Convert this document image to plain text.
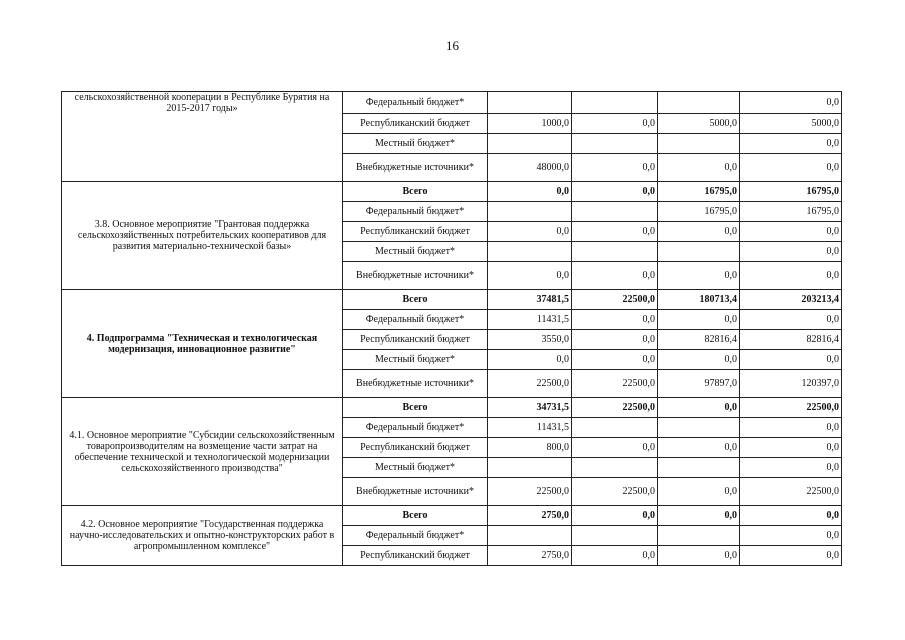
16
сельскохозяйственной кооперации в Республике Бурятия на 2015-2017 годы»	Федеральный бюджет*				0,0
	Республиканский бюджет	1000,0	0,0	5000,0	5000,0
	Местный бюджет*				0,0
	Внебюджетные источники*	48000,0	0,0	0,0	0,0
3.8. Основное мероприятие "Грантовая поддержка сельскохозяйственных потребительских кооперативов для развития материально-технической базы»	Всего	0,0	0,0	16795,0	16795,0
	Федеральный бюджет*			16795,0	16795,0
	Республиканский бюджет	0,0	0,0	0,0	0,0
	Местный бюджет*				0,0
	Внебюджетные источники*	0,0	0,0	0,0	0,0
4. Подпрограмма "Техническая и технологическая модернизация, инновационное развитие"	Всего	37481,5	22500,0	180713,4	203213,4
	Федеральный бюджет*	11431,5	0,0	0,0	0,0
	Республиканский бюджет	3550,0	0,0	82816,4	82816,4
	Местный бюджет*	0,0	0,0	0,0	0,0
	Внебюджетные источники*	22500,0	22500,0	97897,0	120397,0
4.1. Основное мероприятие "Субсидии сельскохозяйственным товаропроизводителям на возмещение части затрат на обеспечение технической и технологической модернизации сельскохозяйственного производства"	Всего	34731,5	22500,0	0,0	22500,0
	Федеральный бюджет*	11431,5			0,0
	Республиканский бюджет	800,0	0,0	0,0	0,0
	Местный бюджет*				0,0
	Внебюджетные источники*	22500,0	22500,0	0,0	22500,0
4.2. Основное мероприятие "Государственная поддержка научно-исследовательских и опытно-конструкторских работ в агропромышленном комплексе"	Всего	2750,0	0,0	0,0	0,0
	Федеральный бюджет*				0,0
	Республиканский бюджет	2750,0	0,0	0,0	0,0
